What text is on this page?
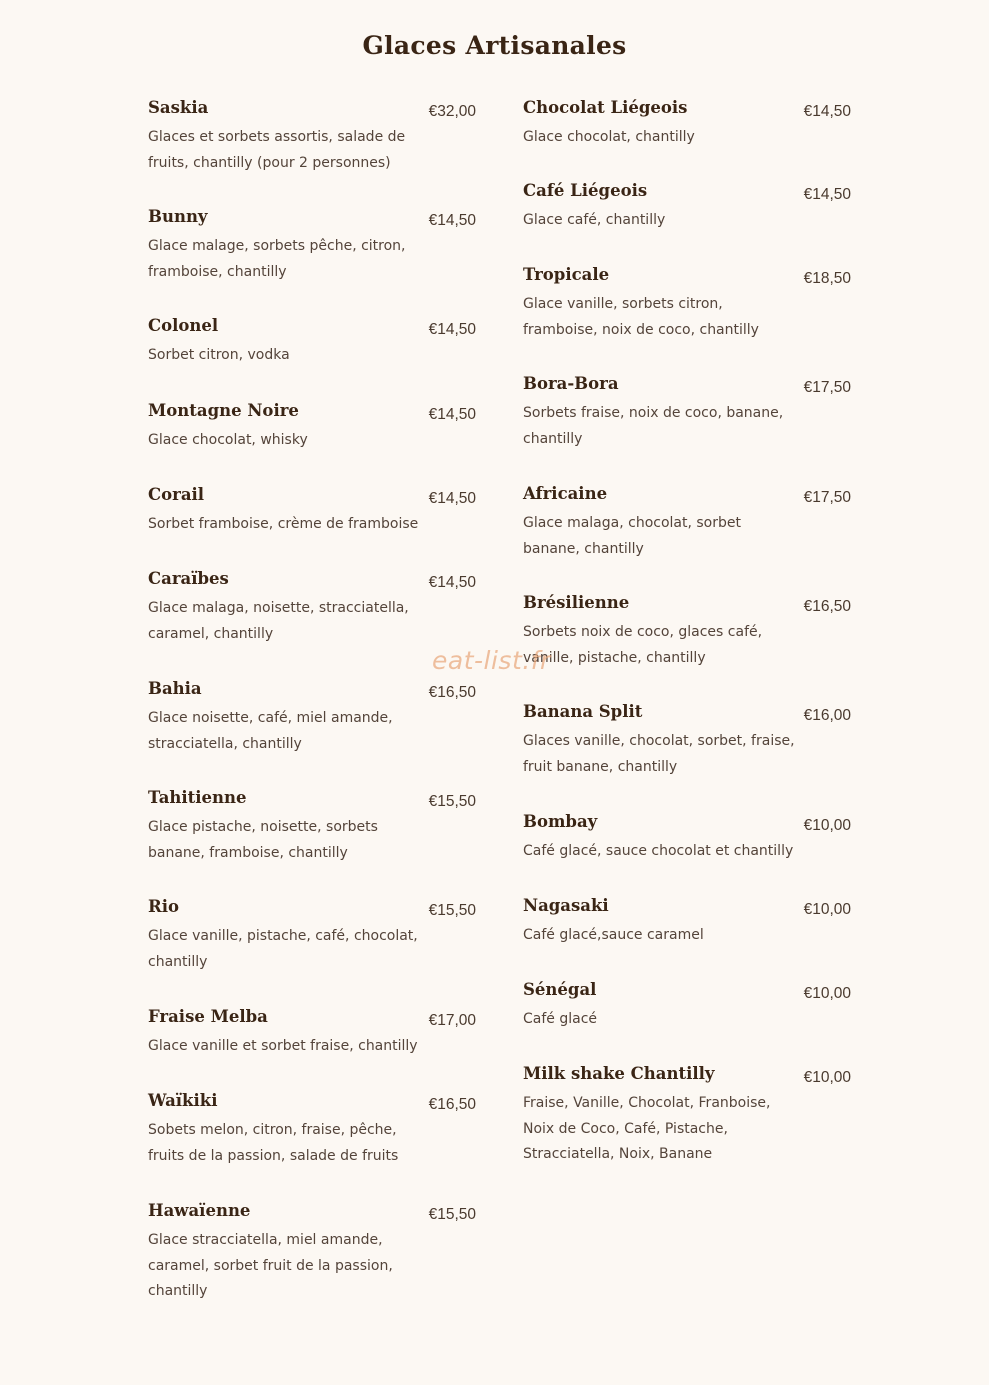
Glaces Artisanales
Saskia	€32,00
Glaces et sorbets assortis, salade de fruits, chantilly (pour 2 personnes)
Bunny	€14,50
Glace malage, sorbets pêche, citron, framboise, chantilly
Colonel	€14,50
Sorbet citron, vodka
Montagne Noire	€14,50
Glace chocolat, whisky
Corail	€14,50
Sorbet framboise, crème de framboise
Caraïbes	€14,50
Glace malaga, noisette, stracciatella, caramel, chantilly
Bahia	€16,50
Glace noisette, café, miel amande, stracciatella, chantilly
Tahitienne	€15,50
Glace pistache, noisette, sorbets banane, framboise, chantilly
Rio	€15,50
Glace vanille, pistache, café, chocolat, chantilly
Fraise Melba	€17,00
Glace vanille et sorbet fraise, chantilly
Waïkiki	€16,50
Sobets melon, citron, fraise, pêche, fruits de la passion, salade de fruits
Hawaïenne	€15,50
Glace stracciatella, miel amande, caramel, sorbet fruit de la passion, chantilly
Chocolat Liégeois	€14,50
Glace chocolat, chantilly
Café Liégeois	€14,50
Glace café, chantilly
Tropicale	€18,50
Glace vanille, sorbets citron, framboise, noix de coco, chantilly
Bora-Bora	€17,50
Sorbets fraise, noix de coco, banane, chantilly
Africaine	€17,50
Glace malaga, chocolat, sorbet banane, chantilly
Brésilienne	€16,50
Sorbets noix de coco, glaces café, vanille, pistache, chantilly
Banana Split	€16,00
Glaces vanille, chocolat, sorbet, fraise, fruit banane, chantilly
Bombay	€10,00
Café glacé, sauce chocolat et chantilly
Nagasaki	€10,00
Café glacé,sauce caramel
Sénégal	€10,00
Café glacé
Milk shake Chantilly	€10,00
Fraise, Vanille, Chocolat, Franboise, Noix de Coco, Café, Pistache, Stracciatella, Noix, Banane
eat-list.fr
